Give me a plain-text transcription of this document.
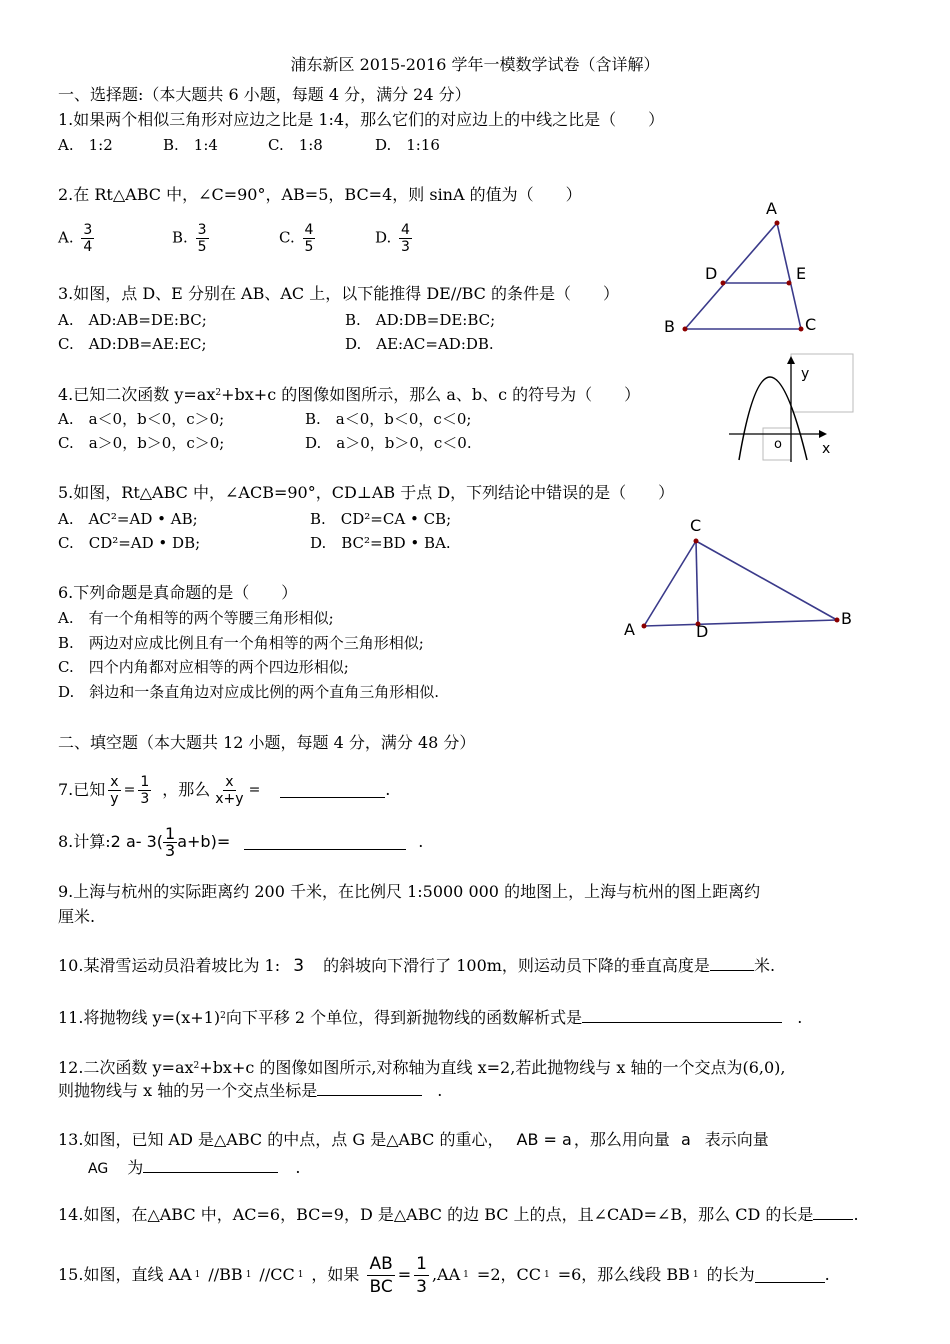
浦东新区 2015-2016 学年一模数学试卷（含详解）
一、选择题:（本大题共 6 小题，每题 4 分，满分 24 分）
1.如果两个相似三角形对应边之比是 1:4，那么它们的对应边上的中线之比是（　　）
A.　1:2	B.　1:4	C.　1:8	D.　1:16
2.在 Rt△ABC 中，∠C=90°，AB=5，BC=4，则 sinA 的值为（　　）
A. $\frac{3}{4}$	B. $\frac{3}{5}$	C. $\frac{4}{5}$	D. $\frac{4}{3}$
A
D	E
B	C
3.如图，点 D、E 分别在 AB、AC 上，以下能推得 DE//BC 的条件是（　　）
A.　AD:AB=DE:BC;	B.　AD:DB=DE:BC;
C.　AD:DB=AE:EC;	D.　AE:AC=AD:DB.
y
o	x
4.已知二次函数 $y=ax^2+bx+c$ 的图像如图所示，那么 a、b、c 的符号为（　　）
A.　a＜0，b＜0，c＞0;	B.　a＜0，b＜0，c＜0;
C.　a＞0，b＞0，c＞0;	D.　a＞0，b＞0，c＜0.
5.如图，Rt△ABC 中，∠ACB=90°，CD⊥AB 于点 D，下列结论中错误的是（　　）
A.　AC²=AD • AB;	B.　CD²=CA • CB;
C.　CD²=AD • DB;	D.　BC²=BD • BA.
C
A	D
B
6.下列命题是真命题的是（　　）
A.　有一个角相等的两个等腰三角形相似;
B.　两边对应成比例且有一个角相等的两个三角形相似;
C.　四个内角都对应相等的两个四边形相似;
D.　斜边和一条直角边对应成比例的两个直角三角形相似.
二、填空题（本大题共 12 小题，每题 4 分，满分 48 分）
7.已知 $\frac{x}{y} = \frac{1}{3}$ ，那么 $\frac{x}{x+y}$ =	.
8.计算: 2 a- $3( \frac{1}{3} a+b)=$	.
9.上海与杭州的实际距离约 200 千米，在比例尺 1:5000 000 的地图上，上海与杭州的图上距离约
厘米.
10.某滑雪运动员沿着坡比为 1: 3 的斜坡向下滑行了 100m，则运动员下降的垂直高度是	米.
11.将抛物线 $y=(x+1)^2$向下平移 2 个单位，得到新抛物线的函数解析式是	.
12.二次函数 $y=ax^2+bx+c$ 的图像如图所示,对称轴为直线 x=2,若此抛物线与 x 轴的一个交点为(6,0),
则抛物线与 x 轴的另一个交点坐标是	.
13.如图，已知 AD 是△ABC 的中点，点 G 是△ABC 的重心， AB = a ，那么用向量 a 表示向量
AG 为	.
14.如图，在△ABC 中，AC=6，BC=9，D 是△ABC 的边 BC 上的点，且∠CAD=∠B，那么 CD 的长是	.
15.如图，直线 AA 1 //BB 1 //CC 1 ，如果 $\frac{AB}{BC} = \frac{1}{3} ,AA$ 1 =2，CC 1 =6，那么线段 BB 1 的长为	.
